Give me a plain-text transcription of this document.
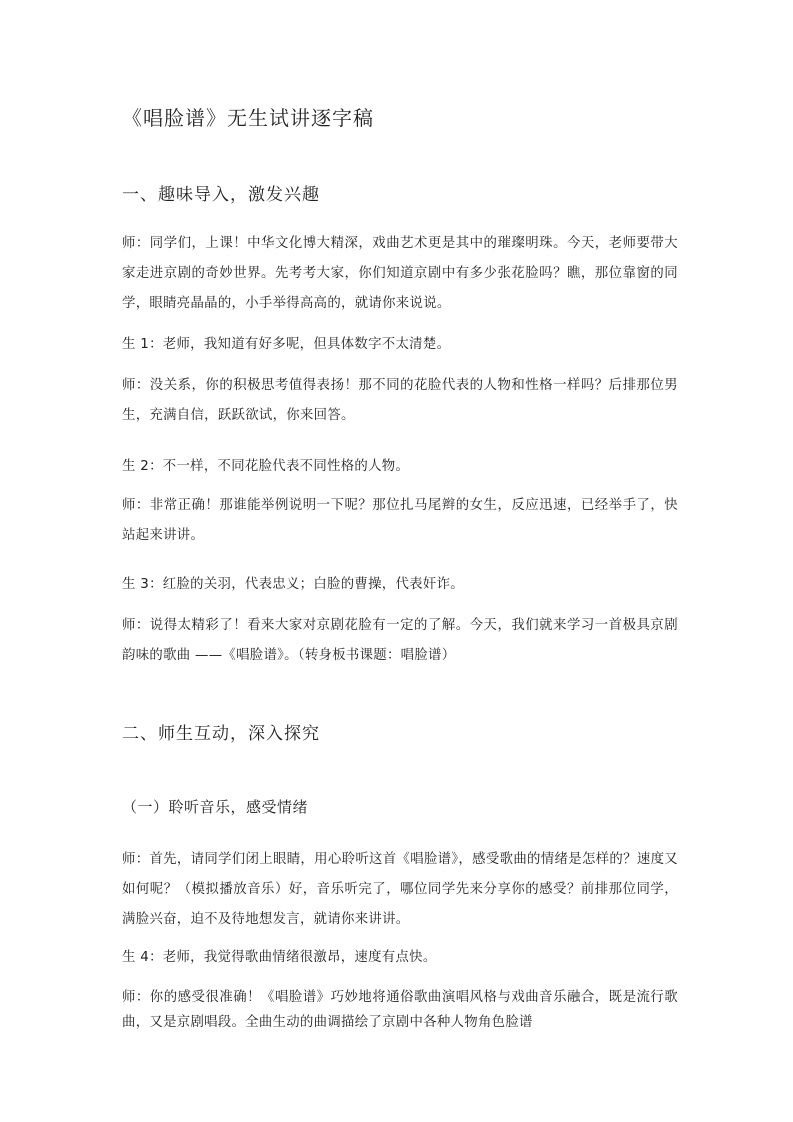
《唱脸谱》无生试讲逐字稿
一、趣味导入，激发兴趣

师：同学们，上课！中华文化博大精深，戏曲艺术更是其中的璀璨明珠。今天，老师要带大家走进京剧的奇妙世界。先考考大家，你们知道京剧中有多少张花脸吗？瞧，那位靠窗的同学，眼睛亮晶晶的，小手举得高高的，就请你来说说。

生 1：老师，我知道有好多呢，但具体数字不太清楚。

师：没关系，你的积极思考值得表扬！那不同的花脸代表的人物和性格一样吗？后排那位男生，充满自信，跃跃欲试，你来回答。

生 2：不一样，不同花脸代表不同性格的人物。

师：非常正确！那谁能举例说明一下呢？那位扎马尾辫的女生，反应迅速，已经举手了，快站起来讲讲。

生 3：红脸的关羽，代表忠义；白脸的曹操，代表奸诈。

师：说得太精彩了！看来大家对京剧花脸有一定的了解。今天，我们就来学习一首极具京剧韵味的歌曲 ——《唱脸谱》。（转身板书课题：唱脸谱）

二、师生互动，深入探究
（一）聆听音乐，感受情绪

师：首先，请同学们闭上眼睛，用心聆听这首《唱脸谱》，感受歌曲的情绪是怎样的？速度又如何呢？（模拟播放音乐）好，音乐听完了，哪位同学先来分享你的感受？前排那位同学，满脸兴奋，迫不及待地想发言，就请你来讲讲。

生 4：老师，我觉得歌曲情绪很激昂，速度有点快。

师：你的感受很准确！《唱脸谱》巧妙地将通俗歌曲演唱风格与戏曲音乐融合，既是流行歌曲，又是京剧唱段。全曲生动的曲调描绘了京剧中各种人物角色脸谱
